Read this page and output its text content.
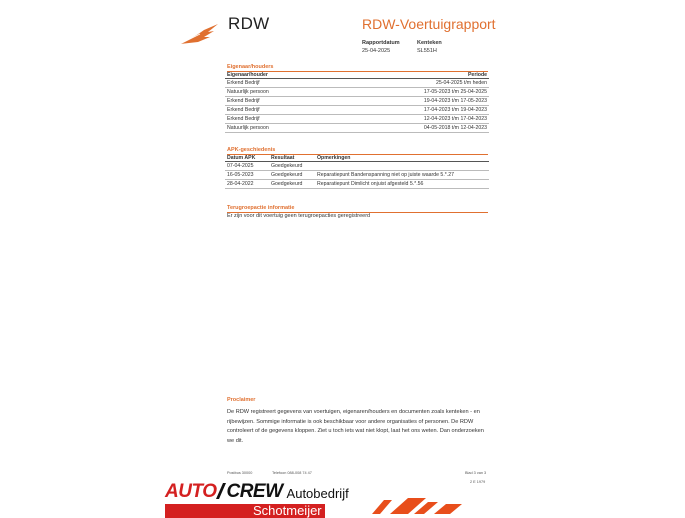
RDW	RDW-Voertuigrapport
Rapportdatum
25-04-2025
Kenteken
SL551H
Eigenaar/houders
Eigenaar/houder	Periode
Erkend Bedrijf	25-04-2025 t/m heden
Natuurlijk persoon	17-05-2023 t/m 25-04-2025
Erkend Bedrijf	19-04-2023 t/m 17-05-2023
Erkend Bedrijf	17-04-2023 t/m 19-04-2023
Erkend Bedrijf	12-04-2023 t/m 17-04-2023
Natuurlijk persoon	04-05-2018 t/m 12-04-2023
APK-geschiedenis
Datum APK	Resultaat	Opmerkingen
07-04-2025	Goedgekeurd	
16-05-2023	Goedgekeurd	Reparatiepunt Bandenspanning niet op juiste waarde 5.*.27
28-04-2022	Goedgekeurd	Reparatiepunt Dimlicht onjuist afgesteld 5.*.56
Terugroepactie informatie
Er zijn voor dit voertuig geen terugroepacties geregistreerd
Proclaimer
De RDW registreert gegevens van voertuigen, eigenaren/houders en documenten zoals kenteken - en rijbewijzen. Sommige informatie is ook beschikbaar voor andere organisaties of personen. De RDW controleert of de gegevens kloppen. Ziet u toch iets wat niet klopt, laat het ons weten. Dan onderzoeken we dit.
Postbus 30000	Telefoon 088-008 74 47	Blad 3 van 3
2 E 1979
AUTO CREW Autobedrijf
Schotmeijer
